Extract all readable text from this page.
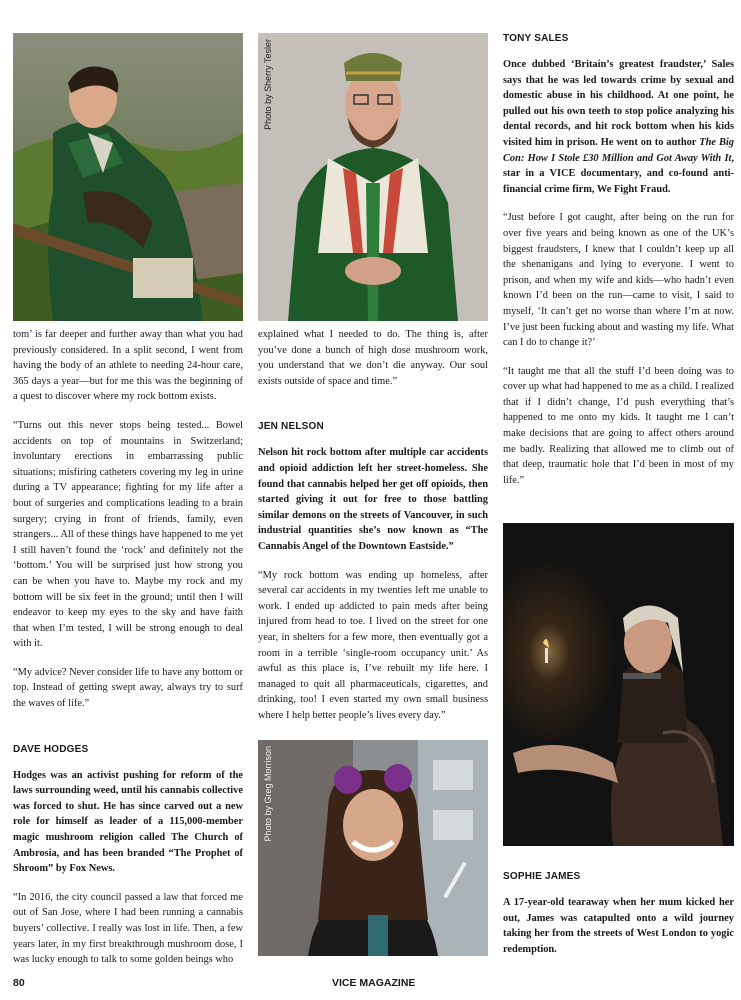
Photo by Sherry Tesler
Photo by Greg Morrison

tom’ is far deeper and further away than what you had previously considered. In a split second, I went from having the body of an athlete to needing 24-hour care, 365 days a year—but for me this was the beginning of a quest to discover where my rock bottom exists.

“Turns out this never stops being tested... Bowel accidents on top of mountains in Switzerland; involuntary erections in embarrassing public situations; misfiring catheters covering my leg in urine during a TV appearance; fighting for my life after a bout of surgeries and complications leading to a brain surgery; crying in front of friends, family, even strangers... All of these things have happened to me yet I still haven’t found the ‘rock’ and definitely not the ‘bottom.’ You will be surprised just how strong you can be when you have to. Maybe my rock and my bottom will be six feet in the ground; until then I will endeavor to keep my eyes to the sky and have faith that when I’m tested, I will be strong enough to deal with it.

“My advice? Never consider life to have any bottom or top. Instead of getting swept away, always try to surf the waves of life.”

DAVE HODGES

Hodges was an activist pushing for reform of the laws surrounding weed, until his cannabis collective was forced to shut. He has since carved out a new role for himself as leader of a 115,000-member magic mushroom religion called The Church of Ambrosia, and has been branded “The Prophet of Shroom” by Fox News.

“In 2016, the city council passed a law that forced me out of San Jose, where I had been running a cannabis buyers’ collective. I really was lost in life. Then, a few years later, in my first breakthrough mushroom dose, I was lucky enough to talk to some golden beings who

explained what I needed to do. The thing is, after you’ve done a bunch of high dose mushroom work, you understand that we don’t die anyway. Our soul exists outside of space and time.”

JEN NELSON

Nelson hit rock bottom after multiple car accidents and opioid addiction left her street-homeless. She found that cannabis helped her get off opioids, then started giving it out for free to those battling similar demons on the streets of Vancouver, in such industrial quantities she’s now known as “The Cannabis Angel of the Downtown Eastside.”

“My rock bottom was ending up homeless, after several car accidents in my twenties left me unable to work. I ended up addicted to pain meds after being injured from head to toe. I lived on the street for one year, in shelters for a few more, then eventually got a room in a terrible ‘single-room occupancy unit.’ As awful as this place is, I’ve rebuilt my life here. I managed to quit all pharmaceuticals, cigarettes, and drinking, too! I even started my own small business where I help better people’s lives every day.”

TONY SALES

Once dubbed ‘Britain’s greatest fraudster,’ Sales says that he was led towards crime by sexual and domestic abuse in his childhood. At one point, he pulled out his own teeth to stop police analyzing his dental records, and hit rock bottom when his kids visited him in prison. He went on to author The Big Con: How I Stole £30 Million and Got Away With It, star in a VICE documentary, and co-found anti-financial crime firm, We Fight Fraud.

“Just before I got caught, after being on the run for over five years and being known as one of the UK’s biggest fraudsters, I knew that I couldn’t keep up all the shenanigans and lying to everyone. I went to prison, and when my wife and kids—who hadn’t even known I’d been on the run—came to visit, I said to myself, ‘It can’t get no worse than where I’m at now. I’ve just been fucking about and wasting my life. What can I do to change it?’

“It taught me that all the stuff I’d been doing was to cover up what had happened to me as a child. I realized that if I didn’t change, I’d push everything that’s happened to me onto my kids. It taught me I can’t make decisions that are going to affect others around me badly. Realizing that allowed me to climb out of that deep, traumatic hole that I’d been in most of my life.”

SOPHIE JAMES

A 17-year-old tearaway when her mum kicked her out, James was catapulted onto a wild journey taking her from the streets of West London to yogic redemption.

80	VICE MAGAZINE
